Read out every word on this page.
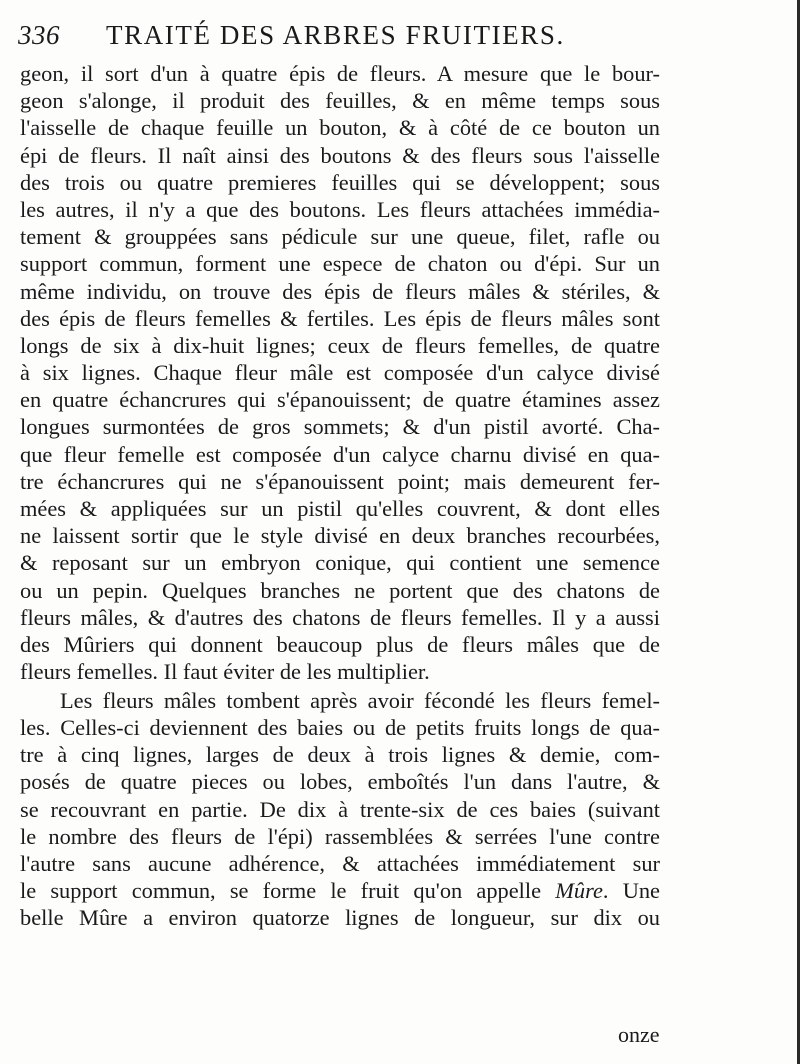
336 TRAITÉ DES ARBRES FRUITIERS.
geon, il sort d'un à quatre épis de fleurs. A mesure que le bour-
geon s'alonge, il produit des feuilles, & en même temps sous
l'aisselle de chaque feuille un bouton, & à côté de ce bouton un
épi de fleurs. Il naît ainsi des boutons & des fleurs sous l'aisselle
des trois ou quatre premieres feuilles qui se développent; sous
les autres, il n'y a que des boutons. Les fleurs attachées immédia-
tement & grouppées sans pédicule sur une queue, filet, rafle ou
support commun, forment une espece de chaton ou d'épi. Sur un
même individu, on trouve des épis de fleurs mâles & stériles, &
des épis de fleurs femelles & fertiles. Les épis de fleurs mâles sont
longs de six à dix-huit lignes; ceux de fleurs femelles, de quatre
à six lignes. Chaque fleur mâle est composée d'un calyce divisé
en quatre échancrures qui s'épanouissent; de quatre étamines assez
longues surmontées de gros sommets; & d'un pistil avorté. Cha-
que fleur femelle est composée d'un calyce charnu divisé en qua-
tre échancrures qui ne s'épanouissent point; mais demeurent fer-
mées & appliquées sur un pistil qu'elles couvrent, & dont elles
ne laissent sortir que le style divisé en deux branches recourbées,
& reposant sur un embryon conique, qui contient une semence
ou un pepin. Quelques branches ne portent que des chatons de
fleurs mâles, & d'autres des chatons de fleurs femelles. Il y a aussi
des Mûriers qui donnent beaucoup plus de fleurs mâles que de
fleurs femelles. Il faut éviter de les multiplier.
Les fleurs mâles tombent après avoir fécondé les fleurs femel-
les. Celles-ci deviennent des baies ou de petits fruits longs de qua-
tre à cinq lignes, larges de deux à trois lignes & demie, com-
posés de quatre pieces ou lobes, emboîtés l'un dans l'autre, &
se recouvrant en partie. De dix à trente-six de ces baies (suivant
le nombre des fleurs de l'épi) rassemblées & serrées l'une contre
l'autre sans aucune adhérence, & attachées immédiatement sur
le support commun, se forme le fruit qu'on appelle Mûre. Une
belle Mûre a environ quatorze lignes de longueur, sur dix ou
onze
